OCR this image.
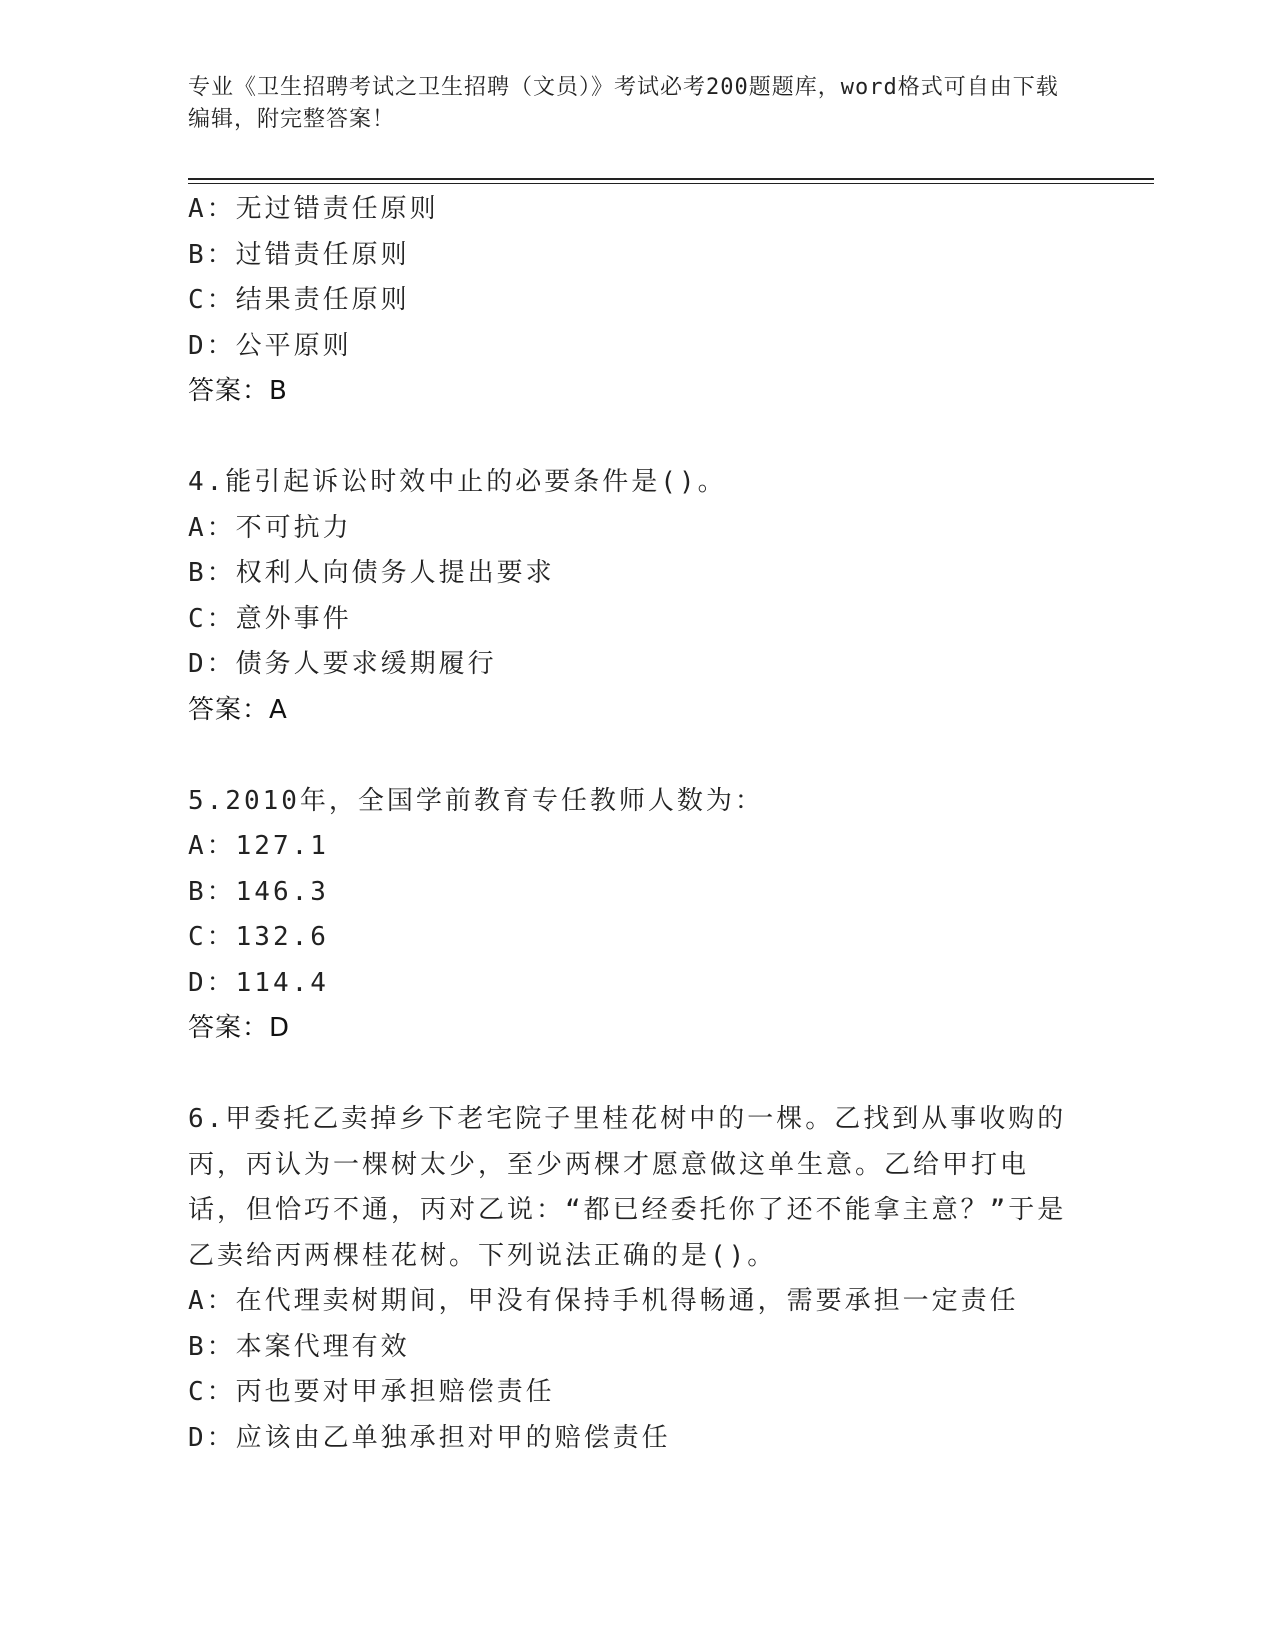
专业《卫生招聘考试之卫生招聘（文员）》考试必考200题题库，word格式可自由下载编辑，附完整答案！
A：无过错责任原则
B：过错责任原则
C：结果责任原则
D：公平原则
答案：B
4.能引起诉讼时效中止的必要条件是()。
A：不可抗力
B：权利人向债务人提出要求
C：意外事件
D：债务人要求缓期履行
答案：A
5.2010年，全国学前教育专任教师人数为：
A：127.1
B：146.3
C：132.6
D：114.4
答案：D
6.甲委托乙卖掉乡下老宅院子里桂花树中的一棵。乙找到从事收购的丙，丙认为一棵树太少，至少两棵才愿意做这单生意。乙给甲打电话，但恰巧不通，丙对乙说：“都已经委托你了还不能拿主意？”于是乙卖给丙两棵桂花树。下列说法正确的是()。
A：在代理卖树期间，甲没有保持手机得畅通，需要承担一定责任
B：本案代理有效
C：丙也要对甲承担赔偿责任
D：应该由乙单独承担对甲的赔偿责任
